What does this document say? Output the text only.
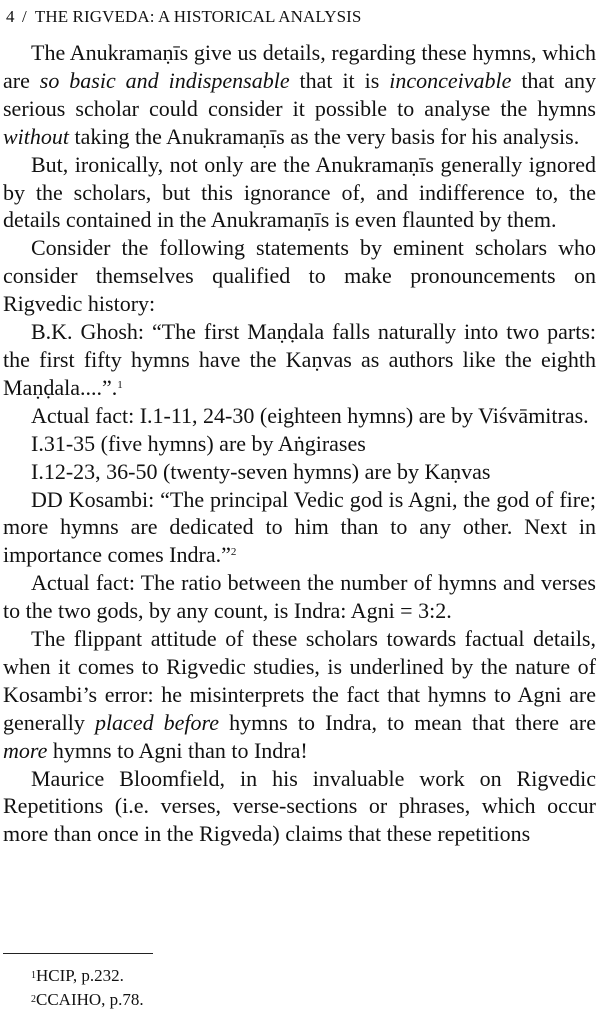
4 / THE RIGVEDA: A HISTORICAL ANALYSIS

The Anukramaṇīs give us details, regarding these hymns, which are so basic and indispensable that it is inconceivable that any serious scholar could consider it possible to analyse the hymns without taking the Anukramaṇīs as the very basis for his analysis.

But, ironically, not only are the Anukramaṇīs generally ignored by the scholars, but this ignorance of, and indifference to, the details contained in the Anukramaṇīs is even flaunted by them.

Consider the following statements by eminent scholars who consider themselves qualified to make pronouncements on Rigvedic history:

B.K. Ghosh: “The first Maṇḍala falls naturally into two parts: the first fifty hymns have the Kaṇvas as authors like the eighth Maṇḍala....”.$^1$

Actual fact: I.1-11, 24-30 (eighteen hymns) are by Viśvāmitras.

I.31-35 (five hymns) are by Aṅgirases

I.12-23, 36-50 (twenty-seven hymns) are by Kaṇvas

DD Kosambi: “The principal Vedic god is Agni, the god of fire; more hymns are dedicated to him than to any other. Next in importance comes Indra.”$^2$

Actual fact: The ratio between the number of hymns and verses to the two gods, by any count, is Indra: Agni = 3:2.

The flippant attitude of these scholars towards factual details, when it comes to Rigvedic studies, is underlined by the nature of Kosambi’s error: he misinterprets the fact that hymns to Agni are generally placed before hymns to Indra, to mean that there are more hymns to Agni than to Indra!

Maurice Bloomfield, in his invaluable work on Rigvedic Repetitions (i.e. verses, verse-sections or phrases, which occur more than once in the Rigveda) claims that these repetitions

$^1$HCIP, p.232.
$^2$CCAIHO, p.78.
